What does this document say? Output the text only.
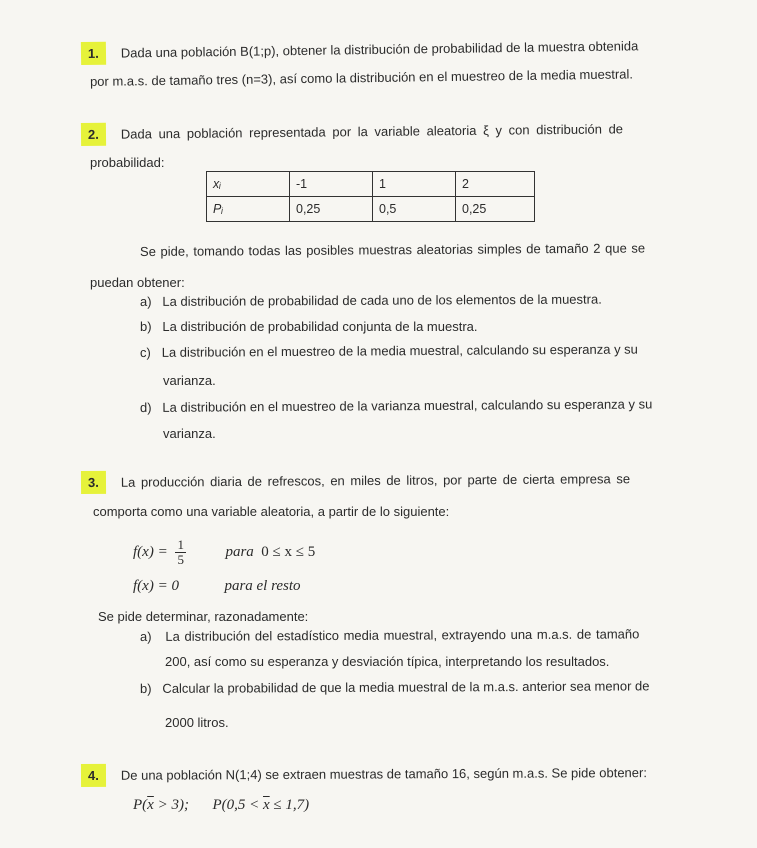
1. Dada una población B(1;p), obtener la distribución de probabilidad de la muestra obtenida
por m.a.s. de tamaño tres (n=3), así como la distribución en el muestreo de la media muestral.
2. Dada una población representada por la variable aleatoria ξ y con distribución de
probabilidad:
xᵢ	-1	1	2
Pᵢ	0,25	0,5	0,25
Se pide, tomando todas las posibles muestras aleatorias simples de tamaño 2 que se
puedan obtener:
a) La distribución de probabilidad de cada uno de los elementos de la muestra.
b) La distribución de probabilidad conjunta de la muestra.
c) La distribución en el muestreo de la media muestral, calculando su esperanza y su
varianza.
d) La distribución en el muestreo de la varianza muestral, calculando su esperanza y su
varianza.
3. La producción diaria de refrescos, en miles de litros, por parte de cierta empresa se
comporta como una variable aleatoria, a partir de lo siguiente:
$f(x) = \frac{1}{5}$	para 0 ≤ x ≤ 5
f(x) = 0	para el resto
Se pide determinar, razonadamente:
a) La distribución del estadístico media muestral, extrayendo una m.a.s. de tamaño
200, así como su esperanza y desviación típica, interpretando los resultados.
b) Calcular la probabilidad de que la media muestral de la m.a.s. anterior sea menor de
2000 litros.
4. De una población N(1;4) se extraen muestras de tamaño 16, según m.a.s. Se pide obtener:
$P(\overline{x} > 3)$; $P(0,5 < \overline{x} \le 1,7)$
